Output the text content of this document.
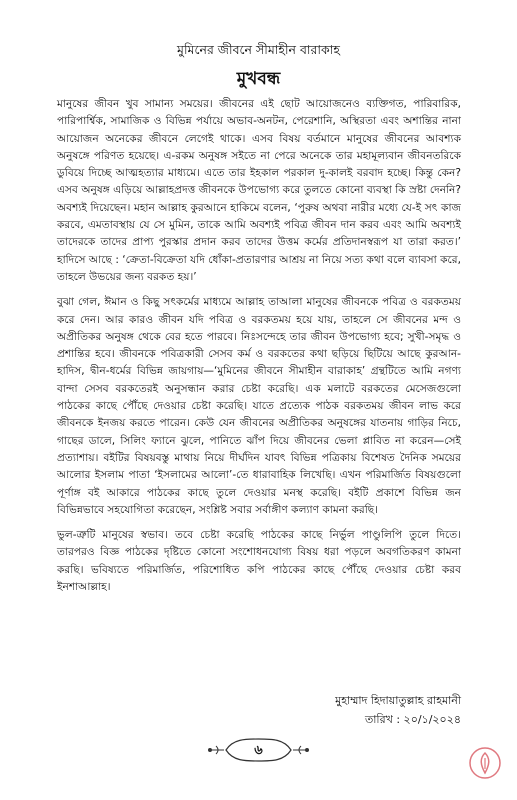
মুমিনের জীবনে সীমাহীন বারাকাহ
মুখবন্ধ

মানুষের জীবন খুব সামান্য সময়ের। জীবনের এই ছোট আয়োজনেও ব্যক্তিগত, পারিবারিক, পারিপার্শ্বিক, সামাজিক ও বিভিন্ন পর্যায়ে অভাব-অনটন, পেরেশানি, অস্থিরতা এবং অশান্তির নানা আয়োজন অনেকের জীবনে লেগেই থাকে। এসব বিষয় বর্তমানে মানুষের জীবনের আবশ্যক অনুষঙ্গে পরিণত হয়েছে। এ-রকম অনুষঙ্গ সইতে না পেরে অনেকে তার মহামূল্যবান জীবনতরিকে ডুবিয়ে দিচ্ছে আত্মহত্যার মাধ্যমে। এতে তার ইহকাল পরকাল দু-কালই বরবাদ হচ্ছে। কিন্তু কেন? এসব অনুষঙ্গ এড়িয়ে আল্লাহপ্রদত্ত জীবনকে উপভোগ্য করে তুলতে কোনো ব্যবস্থা কি স্রষ্টা দেননি? অবশ্যই দিয়েছেন। মহান আল্লাহ কুরআনে হাকিমে বলেন, ‘পুরুষ অথবা নারীর মধ্যে যে-ই সৎ কাজ করবে, এমতাবস্থায় যে সে মুমিন, তাকে আমি অবশ্যই পবিত্র জীবন দান করব এবং আমি অবশ্যই তাদেরকে তাদের প্রাপ্য পুরস্কার প্রদান করব তাদের উত্তম কর্মের প্রতিদানস্বরূপ যা তারা করত।’ হাদিসে আছে : ‘ক্রেতা-বিক্রেতা যদি ধোঁকা-প্রতারণার আশ্রয় না নিয়ে সত্য কথা বলে ব্যাবসা করে, তাহলে উভয়ের জন্য বরকত হয়।’

বুঝা গেল, ঈমান ও কিছু সৎকর্মের মাধ্যমে আল্লাহ তাআলা মানুষের জীবনকে পবিত্র ও বরকতময় করে দেন। আর কারও জীবন যদি পবিত্র ও বরকতময় হয়ে যায়, তাহলে সে জীবনের মন্দ ও অপ্রীতিকর অনুষঙ্গ থেকে বের হতে পারবে। নিঃসন্দেহে তার জীবন উপভোগ্য হবে; সুখী-সমৃদ্ধ ও প্রশান্তির হবে। জীবনকে পবিত্রকারী সেসব কর্ম ও বরকতের কথা ছড়িয়ে ছিটিয়ে আছে কুরআন-হাদিস, দ্বীন-ধর্মের বিভিন্ন জায়গায়—‘মুমিনের জীবনে সীমাহীন বারাকাহ’ গ্রন্থটিতে আমি নগণ্য বান্দা সেসব বরকতেরই অনুসন্ধান করার চেষ্টা করেছি। এক মলাটে বরকতের মেসেজগুলো পাঠকের কাছে পৌঁছে দেওয়ার চেষ্টা করেছি। যাতে প্রত্যেক পাঠক বরকতময় জীবন লাভ করে জীবনকে ইনজয় করতে পারেন। কেউ যেন জীবনের অপ্রীতিকর অনুষঙ্গের যাতনায় গাড়ির নিচে, গাছের ডালে, সিলিং ফ্যানে ঝুলে, পানিতে ঝাঁপ দিয়ে জীবনের ভেলা প্লাবিত না করেন—সেই প্রত্যাশায়। বইটির বিষয়বস্তু মাথায় নিয়ে দীর্ঘদিন যাবৎ বিভিন্ন পত্রিকায় বিশেষত দৈনিক সময়ের আলোর ইসলাম পাতা ‘ইসলামের আলো’-তে ধারাবাহিক লিখেছি। এখন পরিমার্জিত বিষয়গুলো পূর্ণাঙ্গ বই আকারে পাঠকের কাছে তুলে দেওয়ার মনস্থ করেছি। বইটি প্রকাশে বিভিন্ন জন বিভিন্নভাবে সহযোগিতা করেছেন, সংশ্লিষ্ট সবার সর্বাঙ্গীণ কল্যাণ কামনা করছি।

ভুল-ত্রুটি মানুষের স্বভাব। তবে চেষ্টা করেছি পাঠকের কাছে নির্ভুল পাণ্ডুলিপি তুলে দিতে। তারপরও বিজ্ঞ পাঠকের দৃষ্টিতে কোনো সংশোধনযোগ্য বিষয় ধরা পড়লে অবগতিকরণ কামনা করছি। ভবিষ্যতে পরিমার্জিত, পরিশোধিত কপি পাঠকের কাছে পৌঁছে দেওয়ার চেষ্টা করব ইনশাআল্লাহ।

মুহাম্মাদ হিদায়াতুল্লাহ রাহমানী
তারিখ : ২০/১/২০২৪
৬
